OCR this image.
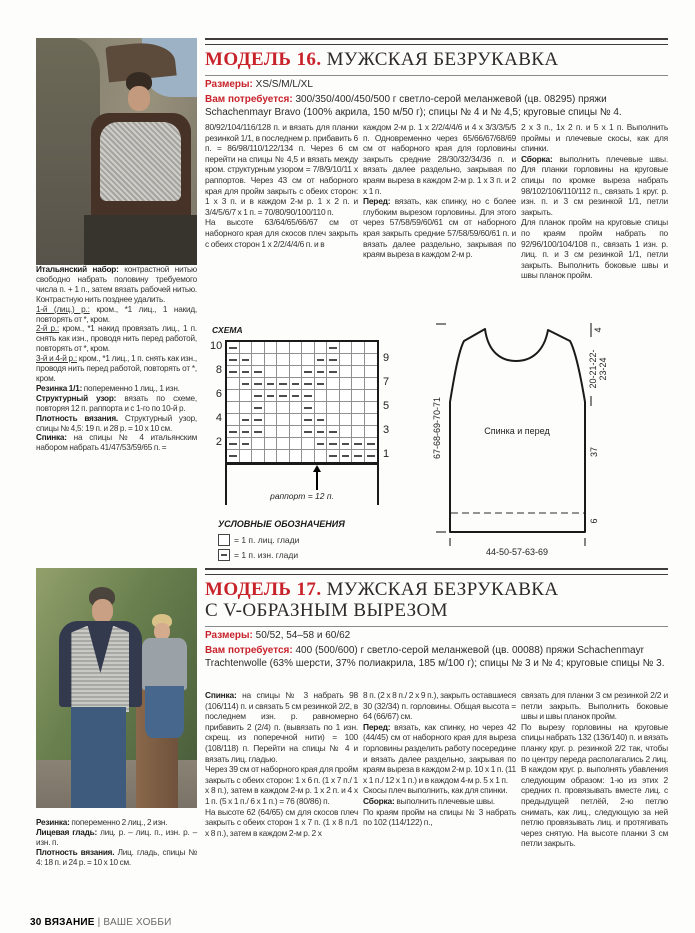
МОДЕЛЬ 16. МУЖСКАЯ БЕЗРУКАВКА

Размеры: XS/S/M/L/XL

Вам потребуется: 300/350/400/450/500 г светло-серой меланжевой (цв. 08295) пряжи Schachenmayr Bravo (100% акрила, 150 м/50 г); спицы № 4 и № 4,5; круговые спицы № 4.

Итальянский набор: контрастной нитью свободно набрать половину требуемого числа п. + 1 п., затем вязать рабочей нитью. Контрастную нить позднее удалить.

1-й (лиц.) р.: кром., *1 лиц., 1 накид, повторять от *, кром.

2-й р.: кром., *1 накид провязать лиц., 1 п. снять как изн., проводя нить перед работой, повторять от *, кром.

3-й и 4-й р.: кром., *1 лиц., 1 п. снять как изн., проводя нить перед работой, повторять от *, кром.

Резинка 1/1: попеременно 1 лиц., 1 изн.

Структурный узор: вязать по схеме, повторяя 12 п. раппорта и с 1-го по 10-й р.

Плотность вязания. Структурный узор, спицы № 4,5: 19 п. и 28 р. = 10 х 10 см.

Спинка: на спицы № 4 итальянским набором набрать 41/47/53/59/65 п. =

80/92/104/116/128 п. и вязать для планки резинкой 1/1, в последнем р. прибавить 6 п. = 86/98/110/122/134 п. Через 6 см перейти на спицы № 4,5 и вязать между кром. структурным узором = 7/8/9/10/11 х раппортов. Через 43 см от наборного края для пройм закрыть с обеих сторон: 1 х 3 п. и в каждом 2-м р. 1 х 2 п. и 3/4/5/6/7 х 1 п. = 70/80/90/100/110 п.

На высоте 63/64/65/66/67 см от наборного края для скосов плеч закрыть с обеих сторон 1 х 2/2/4/4/6 п. и в

каждом 2-м р. 1 х 2/2/4/4/6 и 4 х 3/3/3/5/5 п. Одновременно через 65/66/67/68/69 см от наборного края для горловины закрыть средние 28/30/32/34/36 п. и вязать далее раздельно, закрывая по краям выреза в каждом 2-м р. 1 х 3 п. и 2 х 1 п.

Перед: вязать, как спинку, но с более глубоким вырезом горловины. Для этого через 57/58/59/60/61 см от наборного края закрыть средние 57/58/59/60/61 п. и вязать далее раздельно, закрывая по краям выреза в каждом 2-м р.

2 х 3 п., 1х 2 п. и 5 х 1 п. Выполнить проймы и плечевые скосы, как для спинки.

Сборка: выполнить плечевые швы. Для планки горловины на круговые спицы по кромке выреза набрать 98/102/106/110/112 п., связать 1 круг. р. изн. п. и 3 см резинкой 1/1, петли закрыть.

Для планок пройм на круговые спицы по краям пройм набрать по 92/96/100/104/108 п., связать 1 изн. р. лиц. п. и 3 см резинкой 1/1, петли закрыть. Выполнить боковые швы и швы планок пройм.

СХЕМА
10
8
6
4
2
9
7
5
3
1
раппорт = 12 п.
УСЛОВНЫЕ ОБОЗНАЧЕНИЯ
= 1 п. лиц. глади
= 1 п. изн. глади
Спинка и перед
67-68-69-70-71
4
20-21-22- 23-24
37
6
44-50-57-63-69
МОДЕЛЬ 17. МУЖСКАЯ БЕЗРУКАВКА
С V-ОБРАЗНЫМ ВЫРЕЗОМ

Размеры: 50/52, 54–58 и 60/62

Вам потребуется: 400 (500/600) г светло-серой меланжевой (цв. 00088) пряжи Schachenmayr Trachtenwolle (63% шерсти, 37% полиакрила, 185 м/100 г); спицы № 3 и № 4; круговые спицы № 3.

Резинка: попеременно 2 лиц., 2 изн.

Лицевая гладь: лиц. р. – лиц. п., изн. р. – изн. п.

Плотность вязания. Лиц. гладь, спицы № 4: 18 п. и 24 р. = 10 х 10 см.

Спинка: на спицы № 3 набрать 98 (106/114) п. и связать 5 см резинкой 2/2, в последнем изн. р. равномерно прибавить 2 (2/4) п. (вывязать по 1 изн. скрещ. из поперечной нити) = 100 (108/118) п. Перейти на спицы № 4 и вязать лиц. гладью.

Через 39 см от наборного края для пройм закрыть с обеих сторон: 1 х 6 п. (1 х 7 п./ 1 х 8 п.), затем в каждом 2-м р. 1 х 2 п. и 4 х 1 п. (5 х 1 п./ 6 х 1 п.) = 76 (80/86) п.

На высоте 62 (64/65) см для скосов плеч закрыть с обеих сторон 1 х 7 п. (1 х 8 п./1 х 8 п.), затем в каждом 2-м р. 2 х

8 п. (2 х 8 п./ 2 х 9 п.), закрыть оставшиеся 30 (32/34) п. горловины. Общая высота = 64 (66/67) см.

Перед: вязать, как спинку, но через 42 (44/45) см от наборного края для выреза горловины разделить работу посередине и вязать далее раздельно, закрывая по краям выреза в каждом 2-м р. 10 х 1 п. (11 х 1 п./ 12 х 1 п.) и в каждом 4-м р. 5 х 1 п.

Скосы плеч выполнить, как для спинки.

Сборка: выполнить плечевые швы.

По краям пройм на спицы № 3 набрать по 102 (114/122) п.,

связать для планки 3 см резинкой 2/2 и петли закрыть. Выполнить боковые швы и швы планок пройм.

По вырезу горловины на круговые спицы набрать 132 (136/140) п. и вязать планку круг. р. резинкой 2/2 так, чтобы по центру переда располагались 2 лиц. В каждом круг. р. выполнять убавления следующим образом: 1-ю из этих 2 средних п. провязывать вместе лиц. с предыдущей петлёй, 2-ю петлю снимать, как лиц., следующую за ней петлю провязывать лиц. и протягивать через снятую. На высоте планки 3 см петли закрыть.

30 ВЯЗАНИЕ | ВАШЕ ХОББИ
